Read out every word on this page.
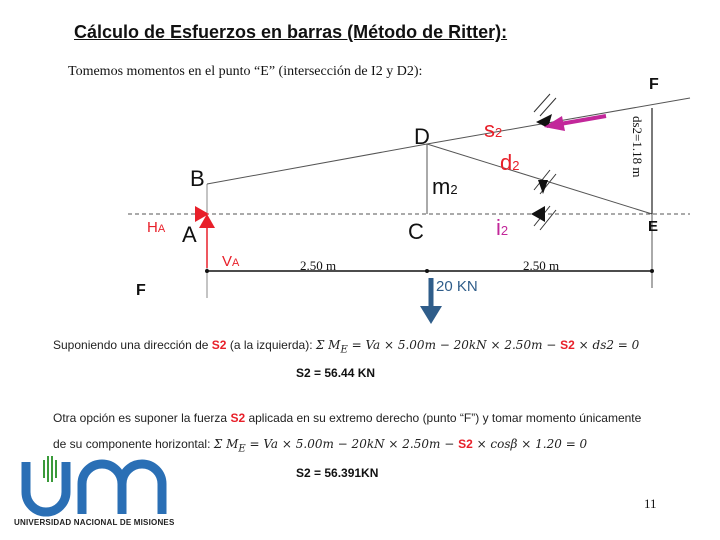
Cálculo de Esfuerzos en barras (Método de Ritter):
Tomemos momentos en el punto “E” (intersección de I2 y D2):
F
F
E
D
B
A	C
s2
d2
m2
i2
HA
VA
20 KN
ds2=1.18 m
2.50 m	2.50 m
Suponiendo una dirección de S2 (a la izquierda): Σ $M_E = Va \times 5.00m - 20kN \times 2.50m - S2 \times ds2 = 0$
S2 = 56.44 KN
Otra opción es suponer la fuerza S2 aplicada en su extremo derecho (punto “F”) y tomar momento únicamente
de su componente horizontal: Σ $M_E = Va \times 5.00m - 20kN \times 2.50m - S2 \times \cos\beta \times 1.20 = 0$
S2 = 56.391KN
UNIVERSIDAD NACIONAL DE MISIONES
11
